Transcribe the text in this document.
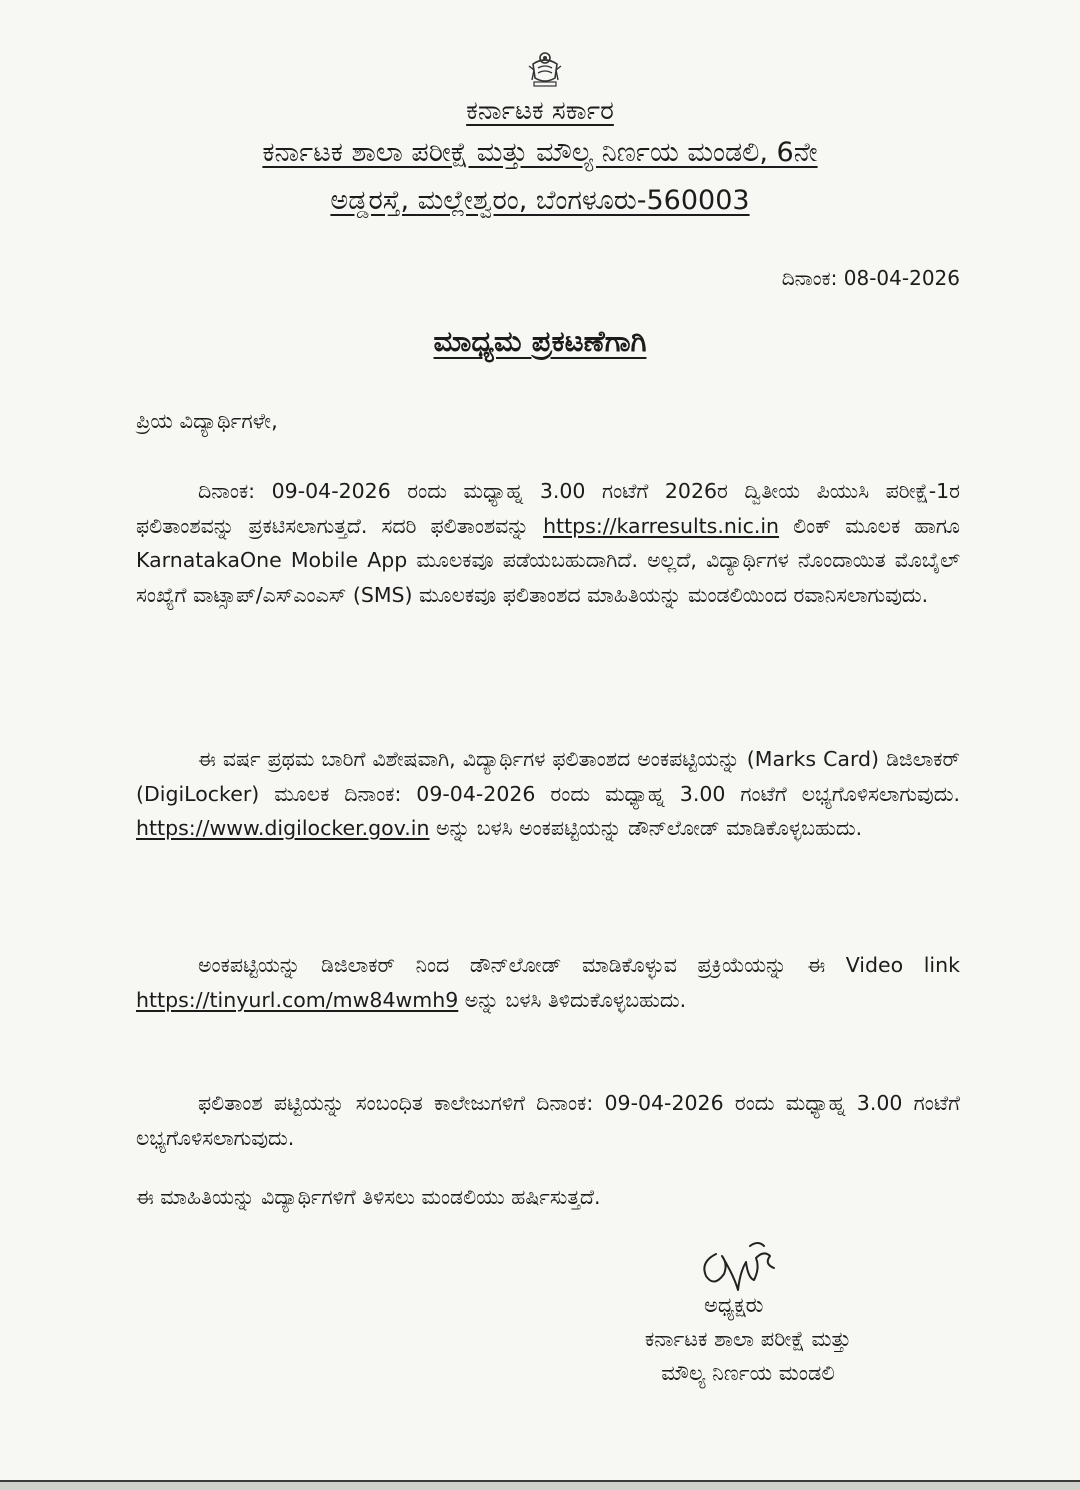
ಕರ್ನಾಟಕ ಸರ್ಕಾರ
ಕರ್ನಾಟಕ ಶಾಲಾ ಪರೀಕ್ಷೆ ಮತ್ತು ಮೌಲ್ಯ ನಿರ್ಣಯ ಮಂಡಲಿ, 6ನೇ
ಅಡ್ಡರಸ್ತೆ, ಮಲ್ಲೇಶ್ವರಂ, ಬೆಂಗಳೂರು-560003
ದಿನಾಂಕ: 08-04-2026
ಮಾಧ್ಯಮ ಪ್ರಕಟಣೆಗಾಗಿ
ಪ್ರಿಯ ವಿದ್ಯಾರ್ಥಿಗಳೇ,

ದಿನಾಂಕ: 09-04-2026 ರಂದು ಮಧ್ಯಾಹ್ನ 3.00 ಗಂಟೆಗೆ 2026ರ ದ್ವಿತೀಯ ಪಿಯುಸಿ ಪರೀಕ್ಷೆ-1ರ ಫಲಿತಾಂಶವನ್ನು ಪ್ರಕಟಿಸಲಾಗುತ್ತದೆ. ಸದರಿ ಫಲಿತಾಂಶವನ್ನು https://karresults.nic.in ಲಿಂಕ್ ಮೂಲಕ ಹಾಗೂ KarnatakaOne Mobile App ಮೂಲಕವೂ ಪಡೆಯಬಹುದಾಗಿದೆ. ಅಲ್ಲದೆ, ವಿದ್ಯಾರ್ಥಿಗಳ ನೊಂದಾಯಿತ ಮೊಬೈಲ್ ಸಂಖ್ಯೆಗೆ ವಾಟ್ಸಾಪ್/ಎಸ್‌ಎಂಎಸ್ (SMS) ಮೂಲಕವೂ ಫಲಿತಾಂಶದ ಮಾಹಿತಿಯನ್ನು ಮಂಡಲಿಯಿಂದ ರವಾನಿಸಲಾಗುವುದು.

ಈ ವರ್ಷ ಪ್ರಥಮ ಬಾರಿಗೆ ವಿಶೇಷವಾಗಿ, ವಿದ್ಯಾರ್ಥಿಗಳ ಫಲಿತಾಂಶದ ಅಂಕಪಟ್ಟಿಯನ್ನು (Marks Card) ಡಿಜಿಲಾಕರ್ (DigiLocker) ಮೂಲಕ ದಿನಾಂಕ: 09-04-2026 ರಂದು ಮಧ್ಯಾಹ್ನ 3.00 ಗಂಟೆಗೆ ಲಭ್ಯಗೊಳಿಸಲಾಗುವುದು. https://www.digilocker.gov.in ಅನ್ನು ಬಳಸಿ ಅಂಕಪಟ್ಟಿಯನ್ನು ಡೌನ್‌ಲೋಡ್ ಮಾಡಿಕೊಳ್ಳಬಹುದು.

ಅಂಕಪಟ್ಟಿಯನ್ನು ಡಿಜಿಲಾಕರ್ ನಿಂದ ಡೌನ್‌ಲೋಡ್ ಮಾಡಿಕೊಳ್ಳುವ ಪ್ರಕ್ರಿಯೆಯನ್ನು ಈ Video link https://tinyurl.com/mw84wmh9 ಅನ್ನು ಬಳಸಿ ತಿಳಿದುಕೊಳ್ಳಬಹುದು.

ಫಲಿತಾಂಶ ಪಟ್ಟಿಯನ್ನು ಸಂಬಂಧಿತ ಕಾಲೇಜುಗಳಿಗೆ ದಿನಾಂಕ: 09-04-2026 ರಂದು ಮಧ್ಯಾಹ್ನ 3.00 ಗಂಟೆಗೆ ಲಭ್ಯಗೊಳಿಸಲಾಗುವುದು.

ಈ ಮಾಹಿತಿಯನ್ನು ವಿದ್ಯಾರ್ಥಿಗಳಿಗೆ ತಿಳಿಸಲು ಮಂಡಲಿಯು ಹರ್ಷಿಸುತ್ತದೆ.

ಅಧ್ಯಕ್ಷರು
ಕರ್ನಾಟಕ ಶಾಲಾ ಪರೀಕ್ಷೆ ಮತ್ತು
ಮೌಲ್ಯ ನಿರ್ಣಯ ಮಂಡಲಿ
